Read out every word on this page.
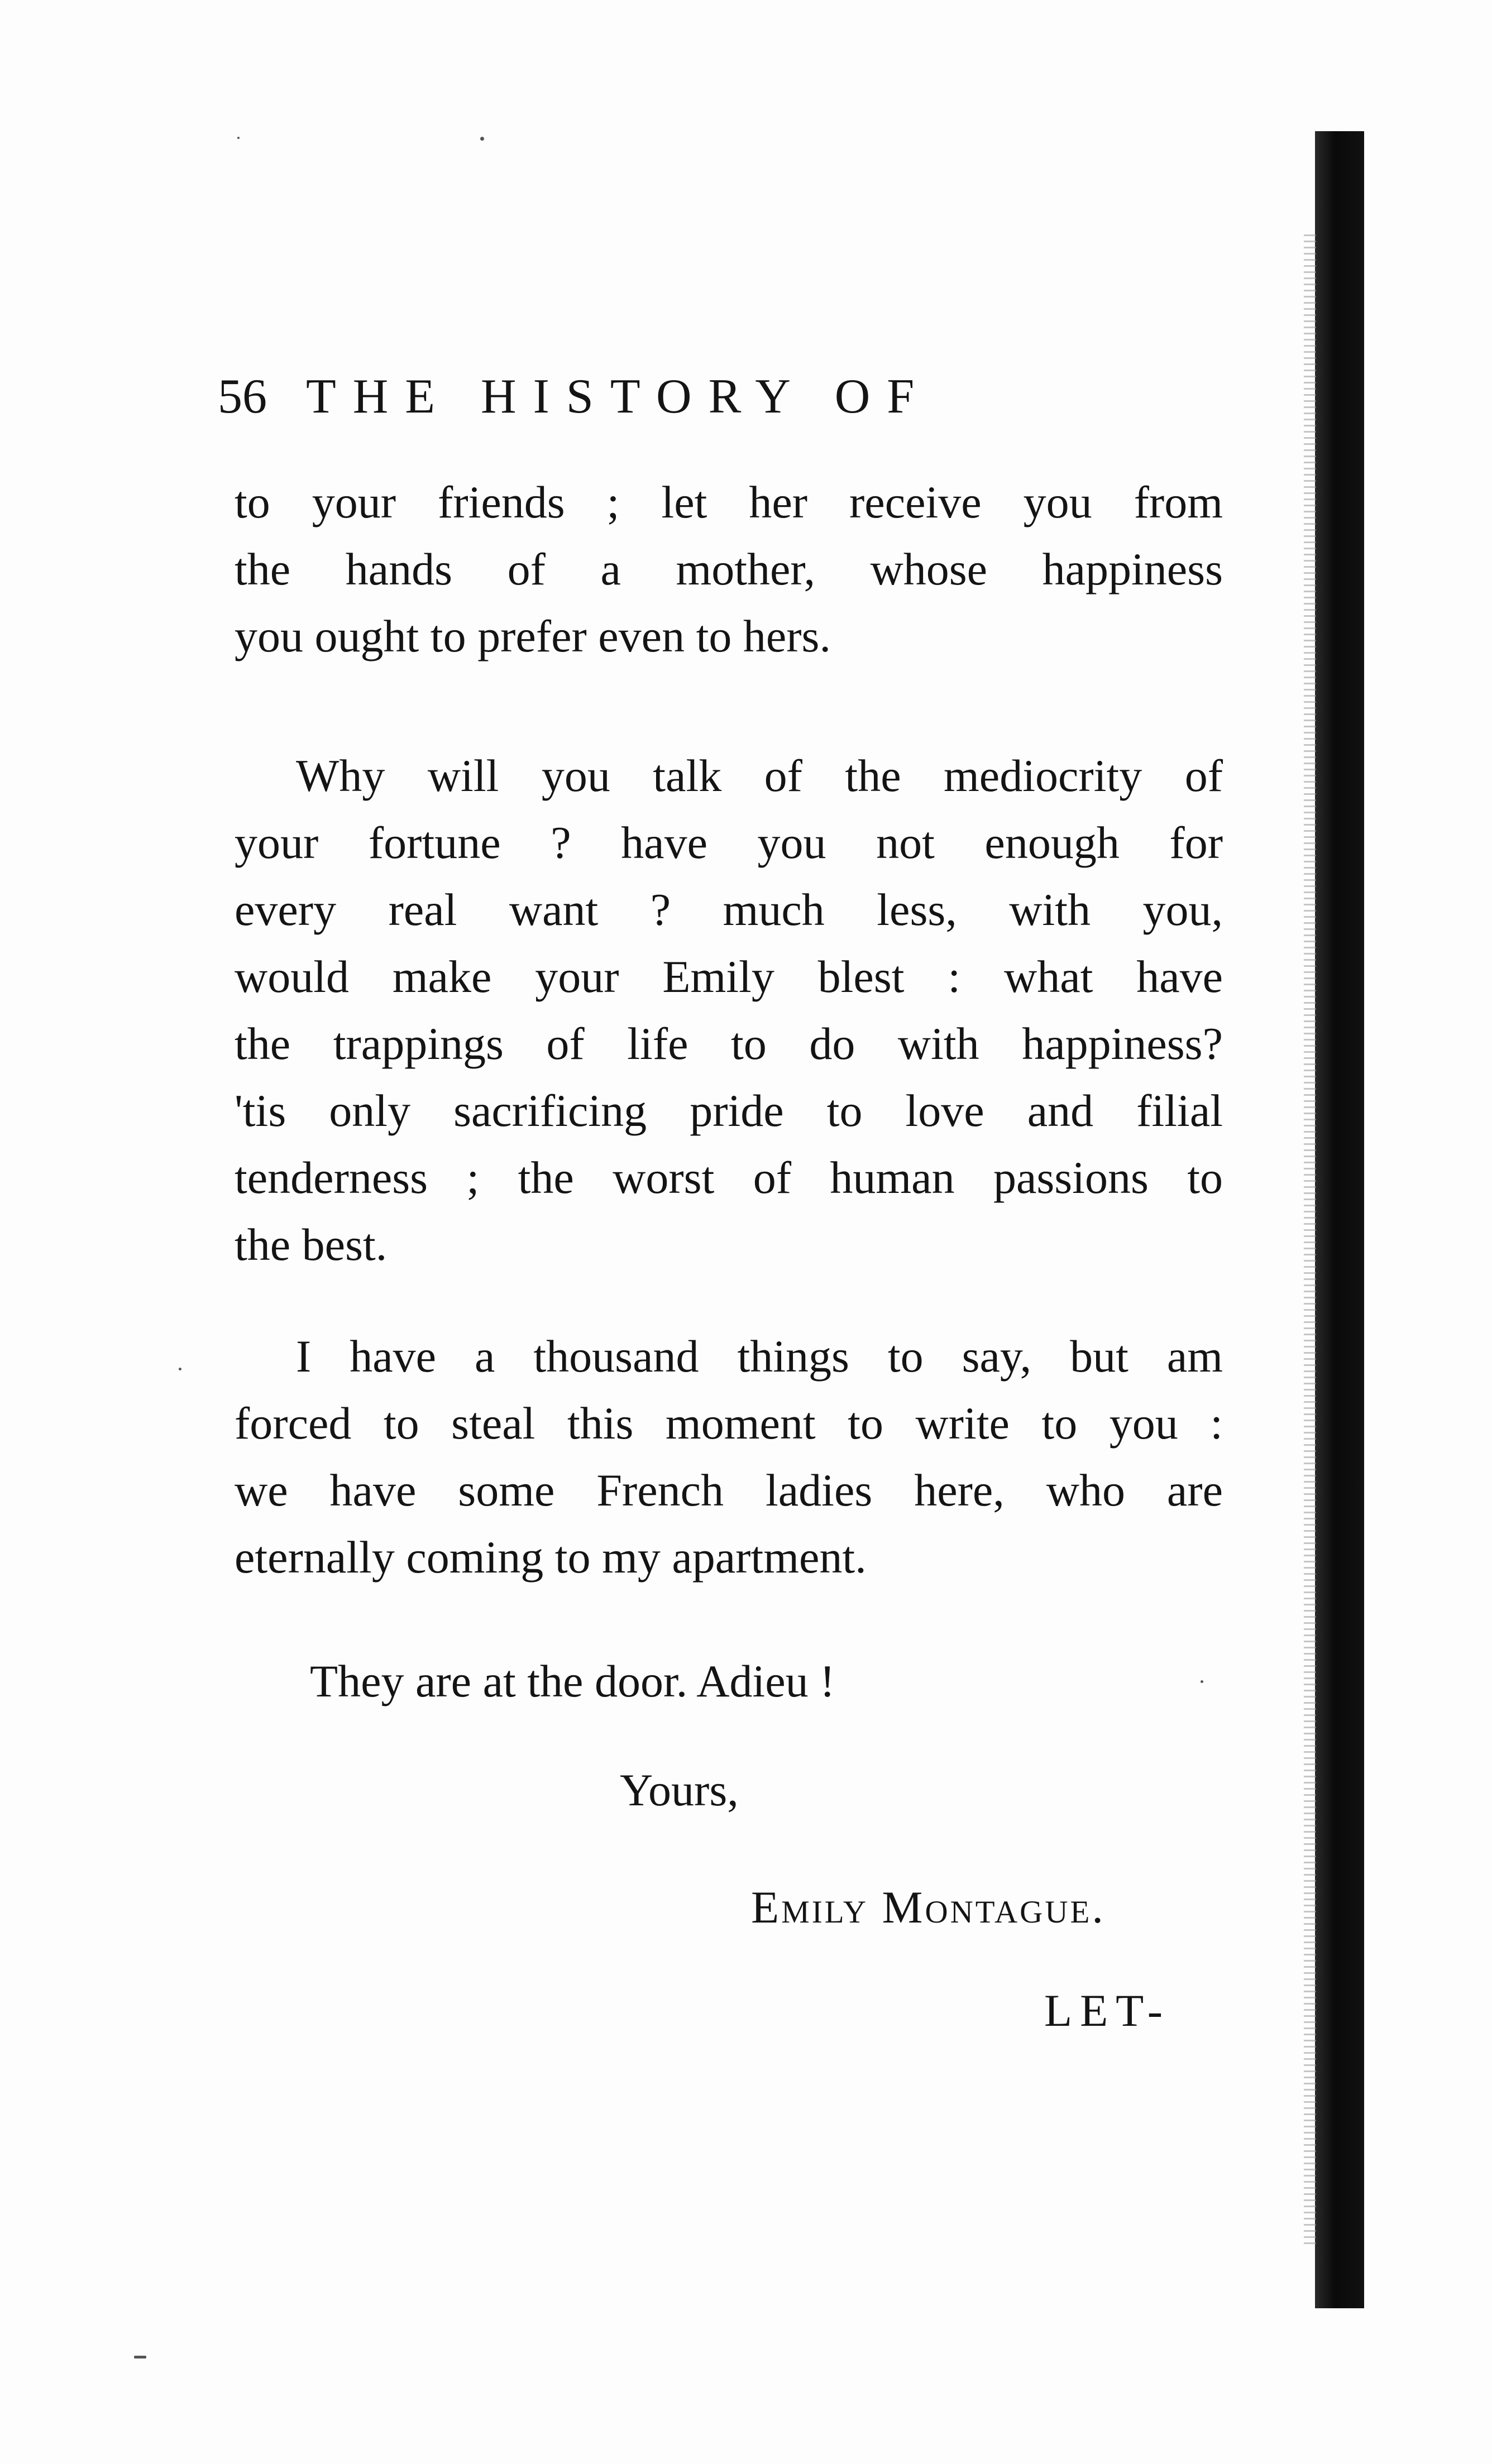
56 THE HISTORY OF
to your friends ; let her receive you from
the hands of a mother, whose happiness
you ought to prefer even to hers.
Why will you talk of the mediocrity of
your fortune ? have you not enough for
every real want ? much less, with you,
would make your Emily blest : what have
the trappings of life to do with happiness?
'tis only sacrificing pride to love and filial
tenderness ; the worst of human passions to
the best.
I have a thousand things to say, but am
forced to steal this moment to write to you :
we have some French ladies here, who are
eternally coming to my apartment.
They are at the door. Adieu !
Yours,
Emily Montague.
LET-
